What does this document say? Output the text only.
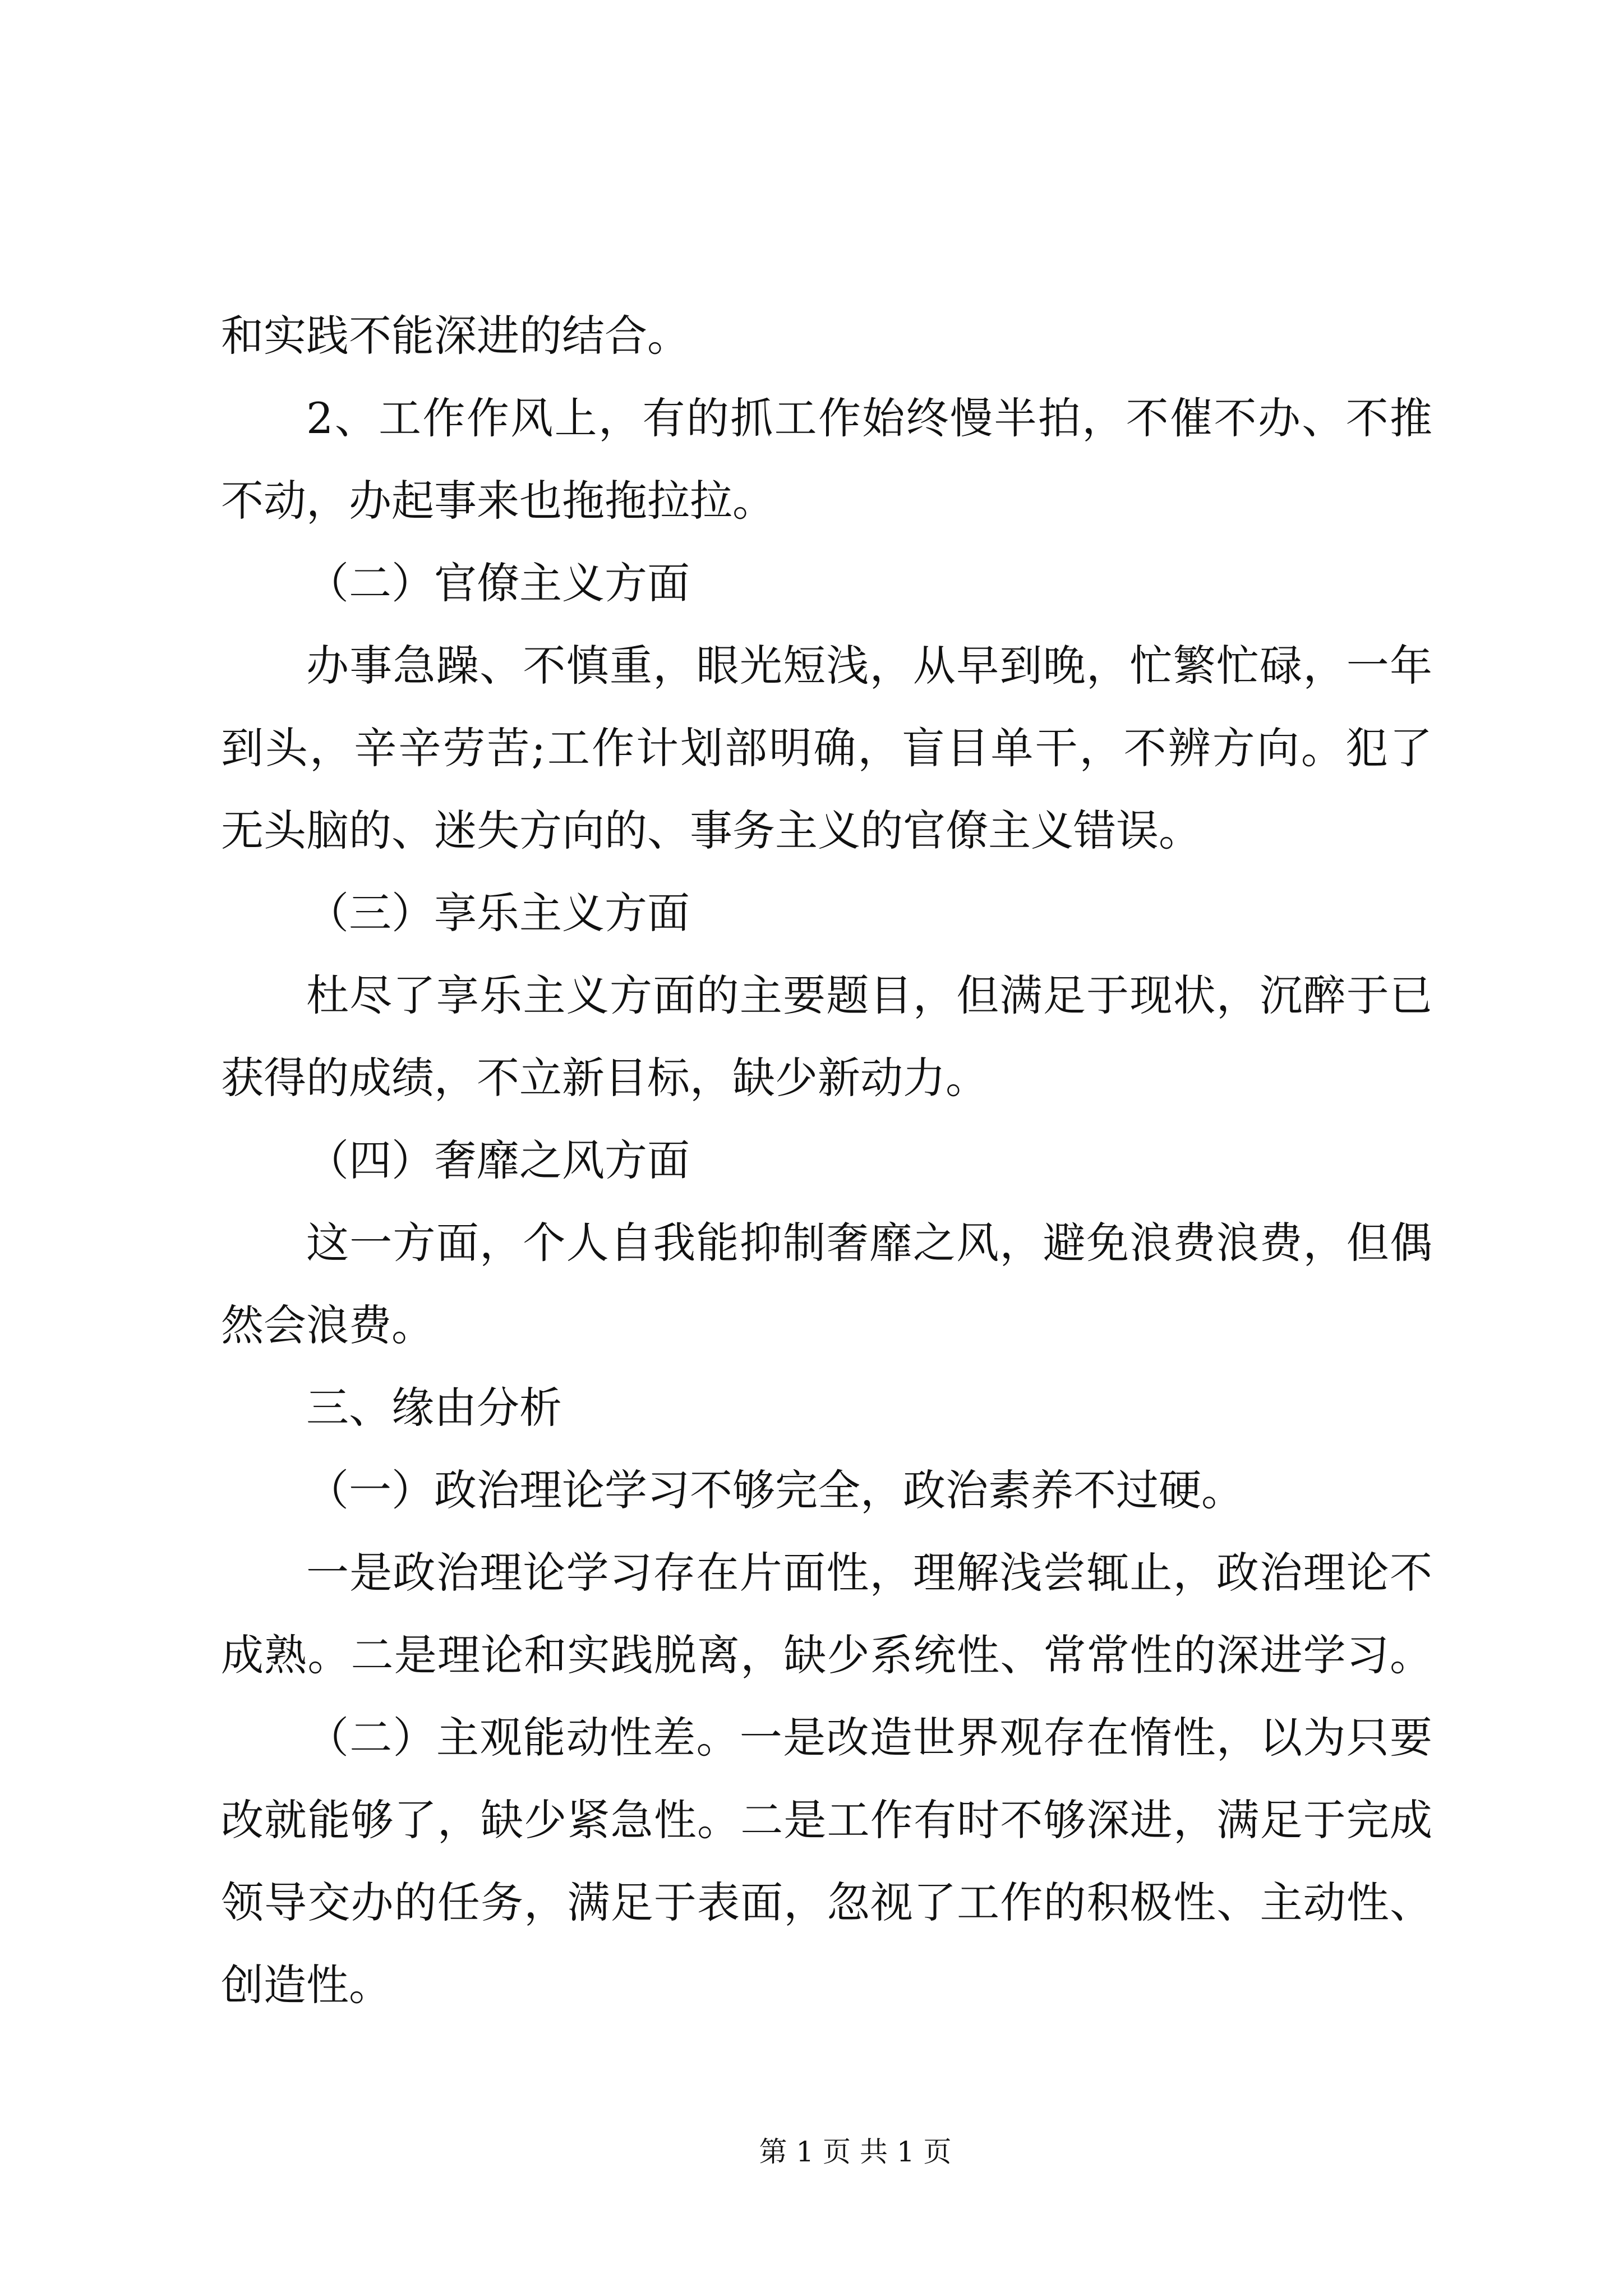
和实践不能深进的结合。
2、工作作风上，有的抓工作始终慢半拍，不催不办、不推
不动，办起事来也拖拖拉拉。
（二）官僚主义方面
办事急躁、不慎重，眼光短浅，从早到晚，忙繁忙碌，一年
到头，辛辛劳苦;工作计划部明确，盲目单干，不辨方向。犯了
无头脑的、迷失方向的、事务主义的官僚主义错误。
（三）享乐主义方面
杜尽了享乐主义方面的主要题目，但满足于现状，沉醉于已
获得的成绩，不立新目标，缺少新动力。
（四）奢靡之风方面
这一方面，个人自我能抑制奢靡之风，避免浪费浪费，但偶
然会浪费。
三、缘由分析
（一）政治理论学习不够完全，政治素养不过硬。
一是政治理论学习存在片面性，理解浅尝辄止，政治理论不
成熟。二是理论和实践脱离，缺少系统性、常常性的深进学习。
（二）主观能动性差。一是改造世界观存在惰性，以为只要
改就能够了，缺少紧急性。二是工作有时不够深进，满足于完成
领导交办的任务，满足于表面，忽视了工作的积极性、主动性、
创造性。
第 1 页 共 1 页
